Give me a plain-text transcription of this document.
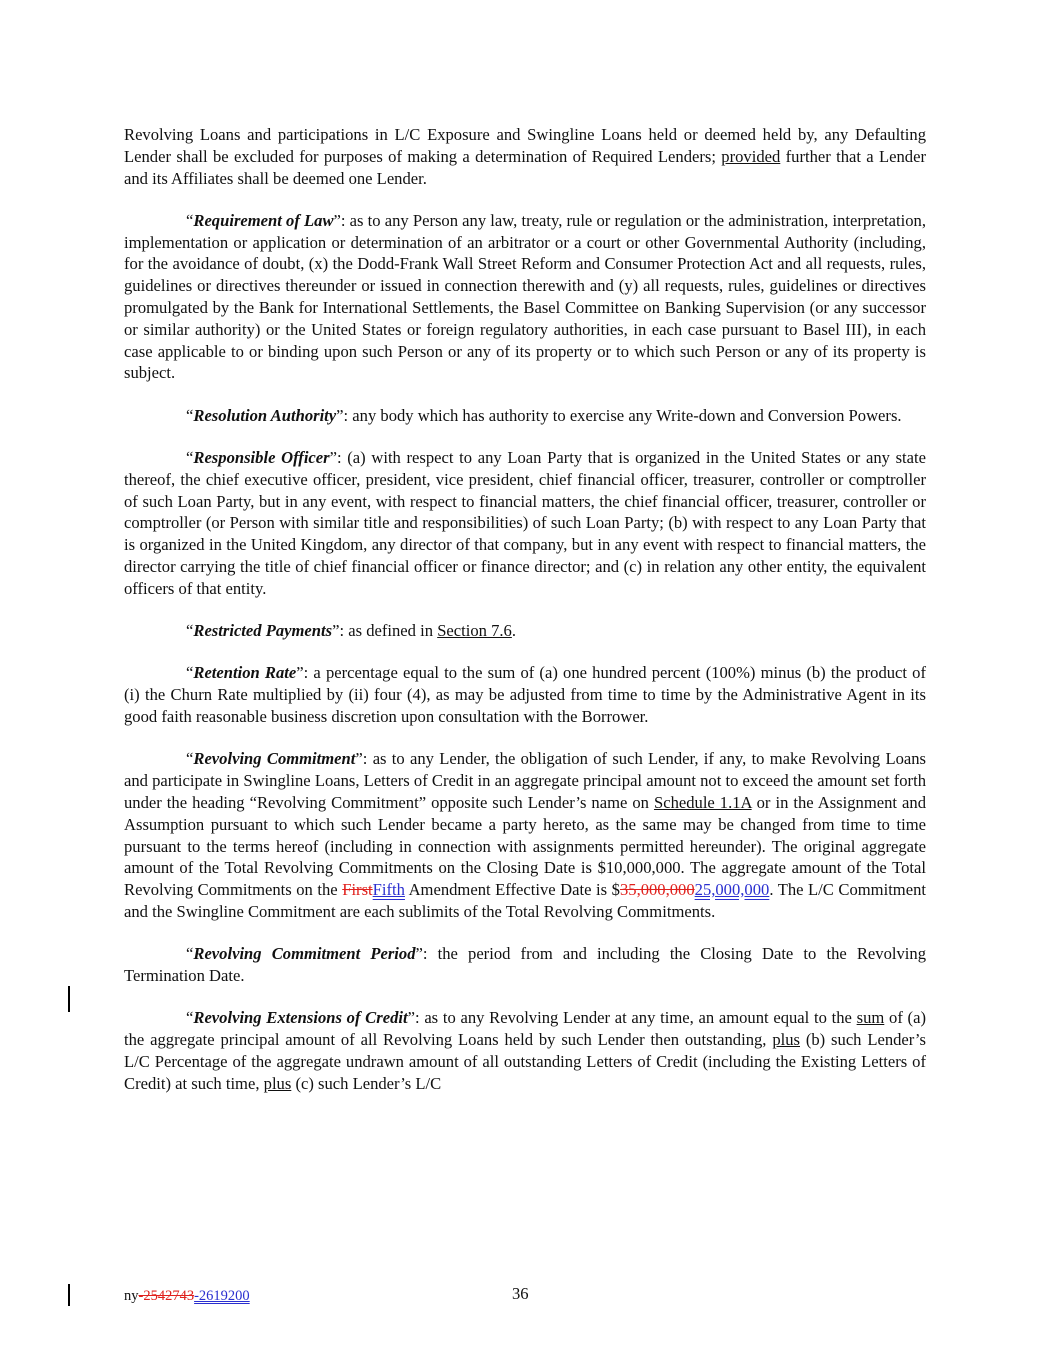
Revolving Loans and participations in L/C Exposure and Swingline Loans held or deemed held by, any Defaulting Lender shall be excluded for purposes of making a determination of Required Lenders; provided further that a Lender and its Affiliates shall be deemed one Lender.

“Requirement of Law”: as to any Person any law, treaty, rule or regulation or the administration, interpretation, implementation or application or determination of an arbitrator or a court or other Governmental Authority (including, for the avoidance of doubt, (x) the Dodd-Frank Wall Street Reform and Consumer Protection Act and all requests, rules, guidelines or directives thereunder or issued in connection therewith and (y) all requests, rules, guidelines or directives promulgated by the Bank for International Settlements, the Basel Committee on Banking Supervision (or any successor or similar authority) or the United States or foreign regulatory authorities, in each case pursuant to Basel III), in each case applicable to or binding upon such Person or any of its property or to which such Person or any of its property is subject.

“Resolution Authority”: any body which has authority to exercise any Write-down and Conversion Powers.

“Responsible Officer”: (a) with respect to any Loan Party that is organized in the United States or any state thereof, the chief executive officer, president, vice president, chief financial officer, treasurer, controller or comptroller of such Loan Party, but in any event, with respect to financial matters, the chief financial officer, treasurer, controller or comptroller (or Person with similar title and responsibilities) of such Loan Party; (b) with respect to any Loan Party that is organized in the United Kingdom, any director of that company, but in any event with respect to financial matters, the director carrying the title of chief financial officer or finance director; and (c) in relation any other entity, the equivalent officers of that entity.

“Restricted Payments”: as defined in Section 7.6.

“Retention Rate”: a percentage equal to the sum of (a) one hundred percent (100%) minus (b) the product of (i) the Churn Rate multiplied by (ii) four (4), as may be adjusted from time to time by the Administrative Agent in its good faith reasonable business discretion upon consultation with the Borrower.

“Revolving Commitment”: as to any Lender, the obligation of such Lender, if any, to make Revolving Loans and participate in Swingline Loans, Letters of Credit in an aggregate principal amount not to exceed the amount set forth under the heading “Revolving Commitment” opposite such Lender’s name on Schedule 1.1A or in the Assignment and Assumption pursuant to which such Lender became a party hereto, as the same may be changed from time to time pursuant to the terms hereof (including in connection with assignments permitted hereunder). The original aggregate amount of the Total Revolving Commitments on the Closing Date is $10,000,000. The aggregate amount of the Total Revolving Commitments on the FirstFifth Amendment Effective Date is $35,000,00025,000,000. The L/C Commitment and the Swingline Commitment are each sublimits of the Total Revolving Commitments.

“Revolving Commitment Period”: the period from and including the Closing Date to the Revolving Termination Date.

“Revolving Extensions of Credit”: as to any Revolving Lender at any time, an amount equal to the sum of (a) the aggregate principal amount of all Revolving Loans held by such Lender then outstanding, plus (b) such Lender’s L/C Percentage of the aggregate undrawn amount of all outstanding Letters of Credit (including the Existing Letters of Credit) at such time, plus (c) such Lender’s L/C

ny-2542743-2619200	36
